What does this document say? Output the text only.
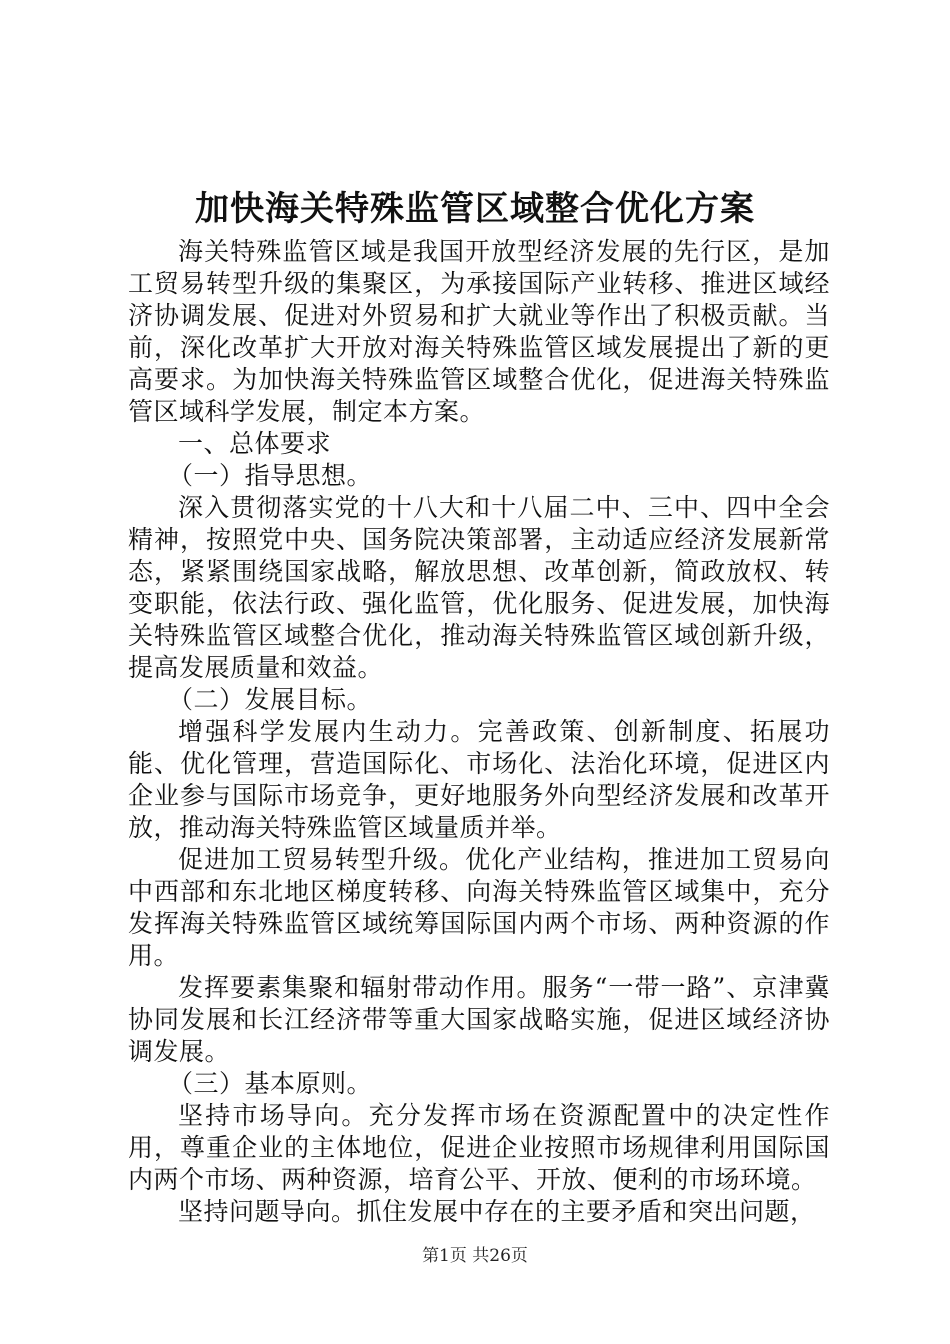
加快海关特殊监管区域整合优化方案

海关特殊监管区域是我国开放型经济发展的先行区，是加工贸易转型升级的集聚区，为承接国际产业转移、推进区域经济协调发展、促进对外贸易和扩大就业等作出了积极贡献。当前，深化改革扩大开放对海关特殊监管区域发展提出了新的更高要求。为加快海关特殊监管区域整合优化，促进海关特殊监管区域科学发展，制定本方案。

一、总体要求

（一）指导思想。

深入贯彻落实党的十八大和十八届二中、三中、四中全会精神，按照党中央、国务院决策部署，主动适应经济发展新常态，紧紧围绕国家战略，解放思想、改革创新，简政放权、转变职能，依法行政、强化监管，优化服务、促进发展，加快海关特殊监管区域整合优化，推动海关特殊监管区域创新升级，提高发展质量和效益。

（二）发展目标。

增强科学发展内生动力。完善政策、创新制度、拓展功能、优化管理，营造国际化、市场化、法治化环境，促进区内企业参与国际市场竞争，更好地服务外向型经济发展和改革开放，推动海关特殊监管区域量质并举。

促进加工贸易转型升级。优化产业结构，推进加工贸易向中西部和东北地区梯度转移、向海关特殊监管区域集中，充分发挥海关特殊监管区域统筹国际国内两个市场、两种资源的作用。

发挥要素集聚和辐射带动作用。服务“一带一路”、京津冀协同发展和长江经济带等重大国家战略实施，促进区域经济协调发展。

（三）基本原则。

坚持市场导向。充分发挥市场在资源配置中的决定性作用，尊重企业的主体地位，促进企业按照市场规律利用国际国内两个市场、两种资源，培育公平、开放、便利的市场环境。

坚持问题导向。抓住发展中存在的主要矛盾和突出问题，

第1页 共26页
